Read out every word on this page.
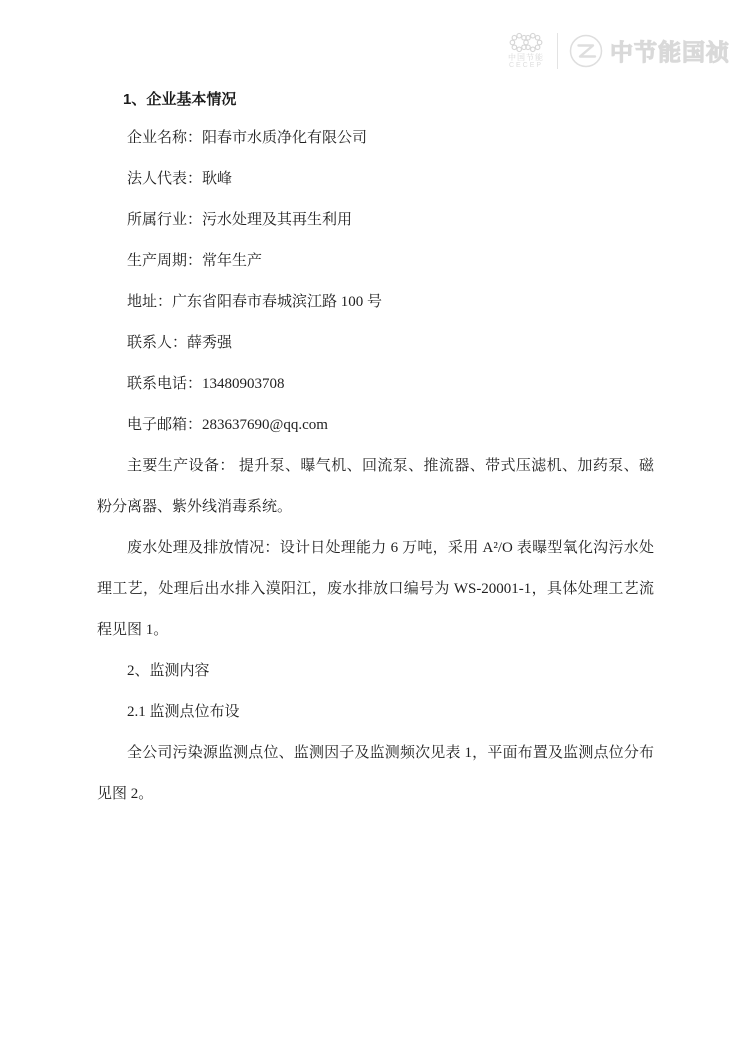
中国节能
CECEP
中节能国祯
1、企业基本情况

企业名称：阳春市水质净化有限公司

法人代表：耿峰

所属行业：污水处理及其再生利用

生产周期：常年生产

地址：广东省阳春市春城滨江路 100 号

联系人：薛秀强

联系电话：13480903708

电子邮箱：283637690@qq.com

主要生产设备： 提升泵、曝气机、回流泵、推流器、带式压滤机、加药泵、磁粉分离器、紫外线消毒系统。

废水处理及排放情况：设计日处理能力 6 万吨，采用 A²/O 表曝型氧化沟污水处理工艺，处理后出水排入漠阳江，废水排放口编号为 WS-20001-1，具体处理工艺流程见图 1。

2、监测内容

2.1 监测点位布设

全公司污染源监测点位、监测因子及监测频次见表 1，平面布置及监测点位分布见图 2。
